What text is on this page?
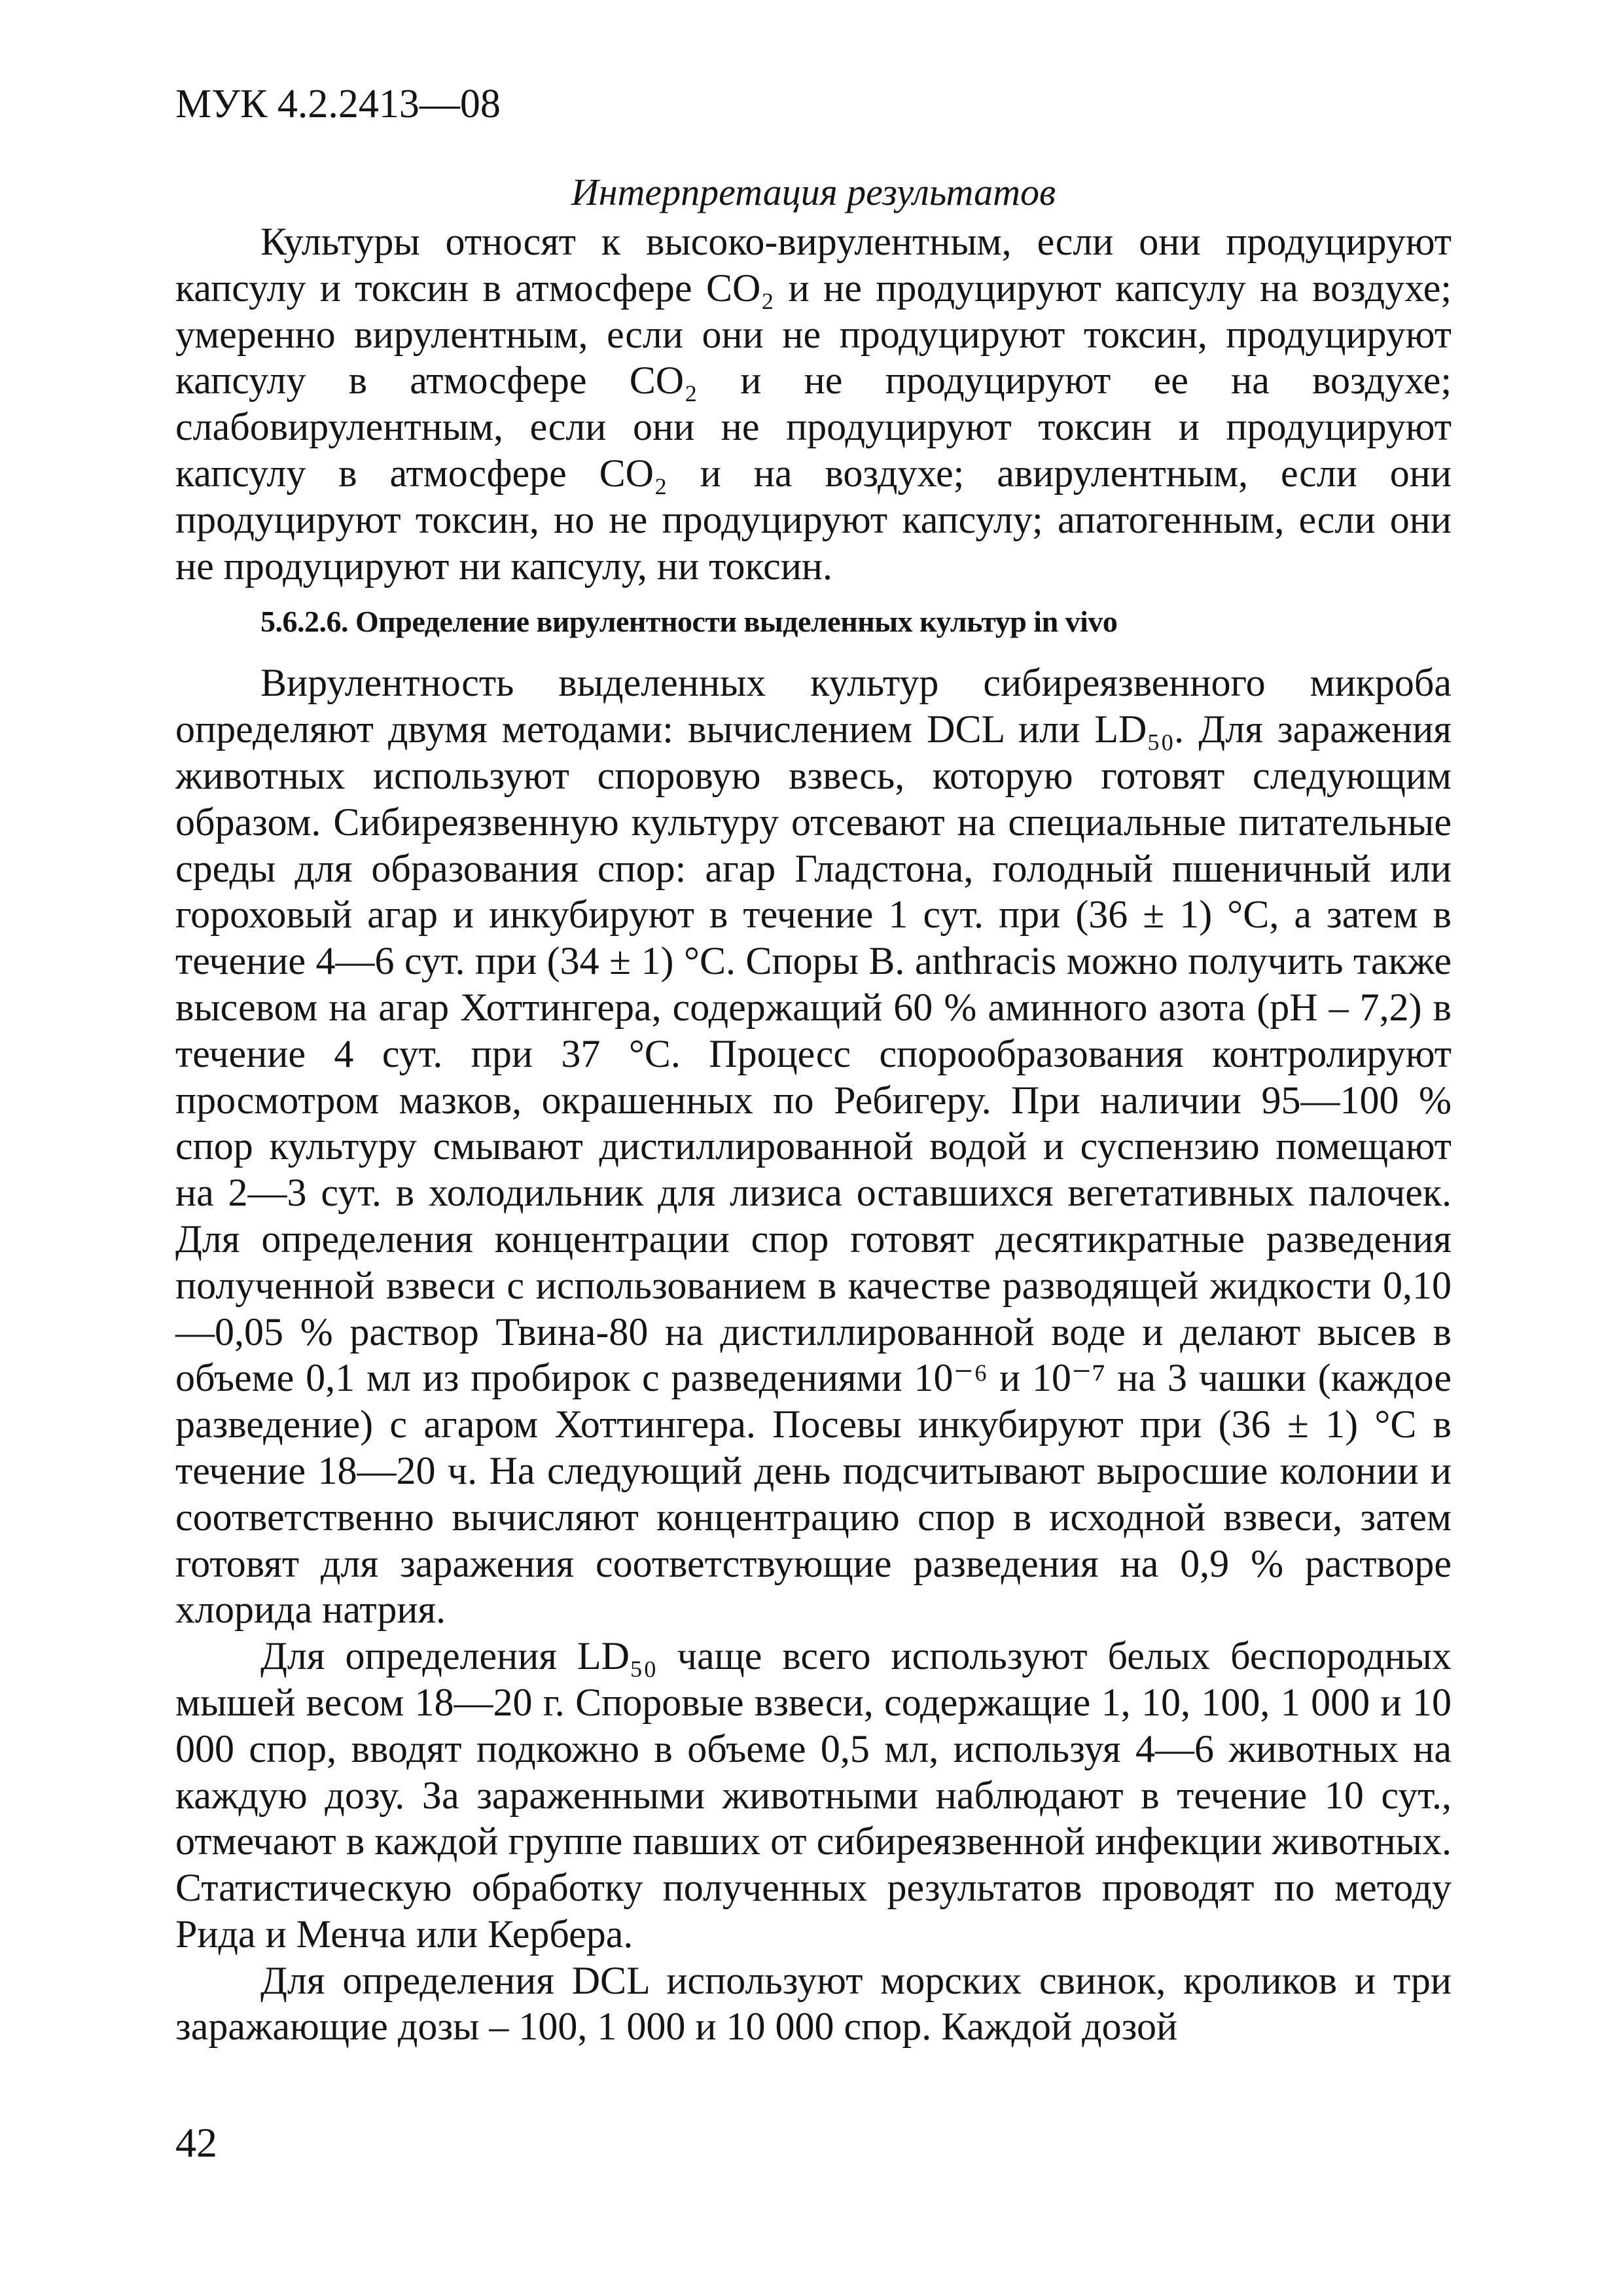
МУК 4.2.2413—08

Интерпретация результатов

Культуры относят к высоко-вирулентным, если они продуцируют капсулу и токсин в атмосфере СO₂ и не продуцируют капсулу на воздухе; умеренно вирулентным, если они не продуцируют токсин, продуцируют капсулу в атмосфере СO₂ и не продуцируют ее на воздухе; слабовирулентным, если они не продуцируют токсин и продуцируют капсулу в атмосфере СO₂ и на воздухе; авирулентным, если они продуцируют токсин, но не продуцируют капсулу; апатогенным, если они не продуцируют ни капсулу, ни токсин.

5.6.2.6. Определение вирулентности выделенных культур in vivo

Вирулентность выделенных культур сибиреязвенного микроба определяют двумя методами: вычислением DCL или LD₅₀. Для заражения животных используют споровую взвесь, которую готовят следующим образом. Сибиреязвенную культуру отсевают на специальные питательные среды для образования спор: агар Гладстона, голодный пшеничный или гороховый агар и инкубируют в течение 1 сут. при (36 ± 1) °С, а затем в течение 4—6 сут. при (34 ± 1) °С. Споры B. anthracis можно получить также высевом на агар Хоттингера, содержащий 60 % аминного азота (pH – 7,2) в течение 4 сут. при 37 °С. Процесс спорообразования контролируют просмотром мазков, окрашенных по Ребигеру. При наличии 95—100 % спор культуру смывают дистиллированной водой и суспензию помещают на 2—3 сут. в холодильник для лизиса оставшихся вегетативных палочек. Для определения концентрации спор готовят десятикратные разведения полученной взвеси с использованием в качестве разводящей жидкости 0,10—0,05 % раствор Твина-80 на дистиллированной воде и делают высев в объеме 0,1 мл из пробирок с разведениями 10⁻⁶ и 10⁻⁷ на 3 чашки (каждое разведение) с агаром Хоттингера. Посевы инкубируют при (36 ± 1) °С в течение 18—20 ч. На следующий день подсчитывают выросшие колонии и соответственно вычисляют концентрацию спор в исходной взвеси, затем готовят для заражения соответствующие разведения на 0,9 % растворе хлорида натрия.

Для определения LD₅₀ чаще всего используют белых беспородных мышей весом 18—20 г. Споровые взвеси, содержащие 1, 10, 100, 1 000 и 10 000 спор, вводят подкожно в объеме 0,5 мл, используя 4—6 животных на каждую дозу. За зараженными животными наблюдают в течение 10 сут., отмечают в каждой группе павших от сибиреязвенной инфекции животных. Статистическую обработку полученных результатов проводят по методу Рида и Менча или Кербера.

Для определения DCL используют морских свинок, кроликов и три заражающие дозы – 100, 1 000 и 10 000 спор. Каждой дозой

42
